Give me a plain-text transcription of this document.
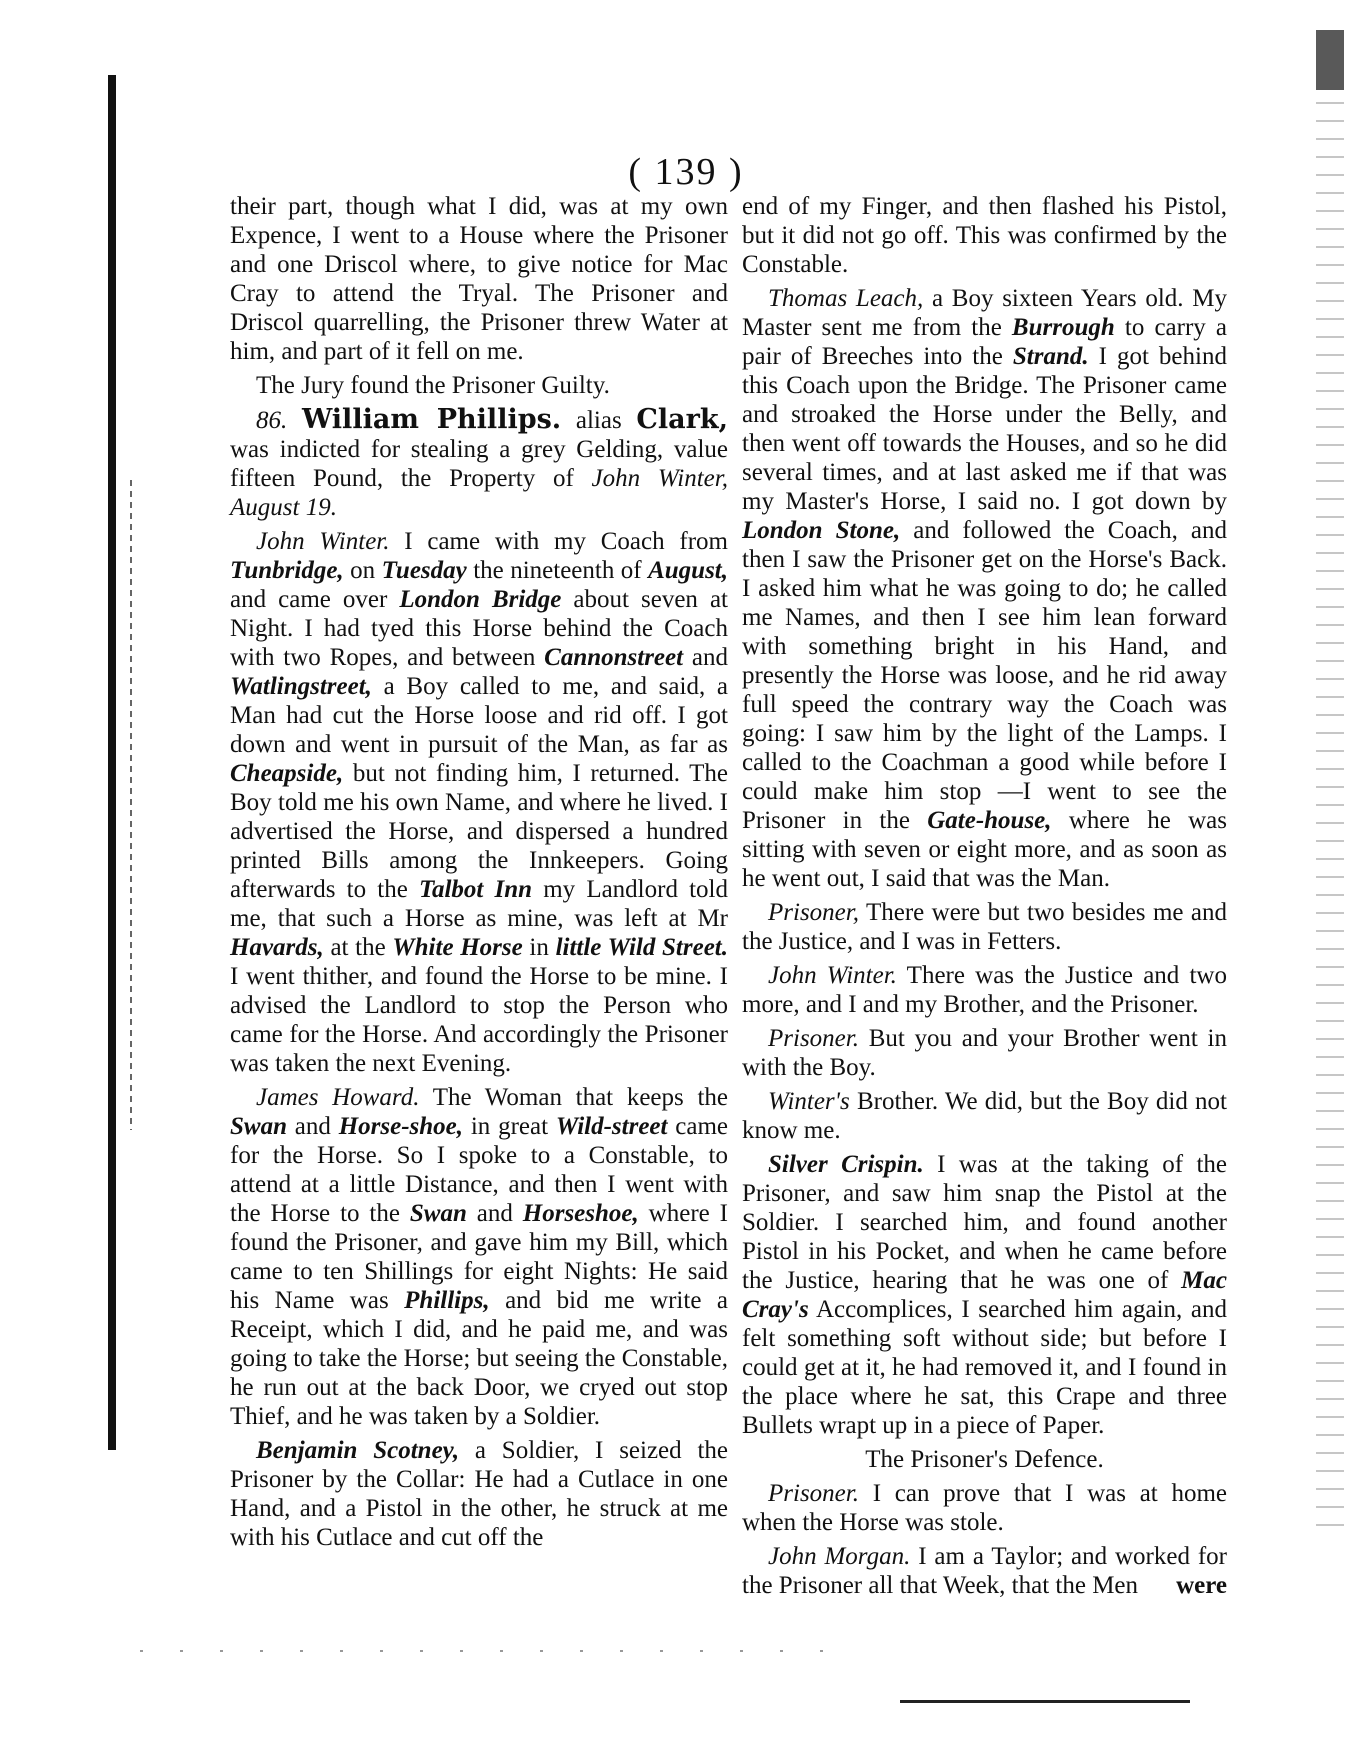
( 139 )

their part, though what I did, was at my own Expence, I went to a House where the Prisoner and one Driscol where, to give notice for Mac Cray to attend the Tryal. The Prisoner and Driscol quarrelling, the Prisoner threw Water at him, and part of it fell on me.

The Jury found the Prisoner Guilty.

86. William Phillips. alias Clark, was indicted for stealing a grey Gelding, value fifteen Pound, the Property of John Winter, August 19.

John Winter. I came with my Coach from Tunbridge, on Tuesday the nineteenth of August, and came over London Bridge about seven at Night. I had tyed this Horse behind the Coach with two Ropes, and between Cannonstreet and Watlingstreet, a Boy called to me, and said, a Man had cut the Horse loose and rid off. I got down and went in pursuit of the Man, as far as Cheapside, but not finding him, I returned. The Boy told me his own Name, and where he lived. I advertised the Horse, and dispersed a hundred printed Bills among the Innkeepers. Going afterwards to the Talbot Inn my Landlord told me, that such a Horse as mine, was left at Mr Havards, at the White Horse in little Wild Street. I went thither, and found the Horse to be mine. I advised the Landlord to stop the Person who came for the Horse. And accordingly the Prisoner was taken the next Evening.

James Howard. The Woman that keeps the Swan and Horse-shoe, in great Wild-street came for the Horse. So I spoke to a Constable, to attend at a little Distance, and then I went with the Horse to the Swan and Horseshoe, where I found the Prisoner, and gave him my Bill, which came to ten Shillings for eight Nights: He said his Name was Phillips, and bid me write a Receipt, which I did, and he paid me, and was going to take the Horse; but seeing the Constable, he run out at the back Door, we cryed out stop Thief, and he was taken by a Soldier.

Benjamin Scotney, a Soldier, I seized the Prisoner by the Collar: He had a Cutlace in one Hand, and a Pistol in the other, he struck at me with his Cutlace and cut off the

end of my Finger, and then flashed his Pistol, but it did not go off. This was confirmed by the Constable.

Thomas Leach, a Boy sixteen Years old. My Master sent me from the Burrough to carry a pair of Breeches into the Strand. I got behind this Coach upon the Bridge. The Prisoner came and stroaked the Horse under the Belly, and then went off towards the Houses, and so he did several times, and at last asked me if that was my Master's Horse, I said no. I got down by London Stone, and followed the Coach, and then I saw the Prisoner get on the Horse's Back. I asked him what he was going to do; he called me Names, and then I see him lean forward with something bright in his Hand, and presently the Horse was loose, and he rid away full speed the contrary way the Coach was going: I saw him by the light of the Lamps. I called to the Coachman a good while before I could make him stop —I went to see the Prisoner in the Gate-house, where he was sitting with seven or eight more, and as soon as he went out, I said that was the Man.

Prisoner, There were but two besides me and the Justice, and I was in Fetters.

John Winter. There was the Justice and two more, and I and my Brother, and the Prisoner.

Prisoner. But you and your Brother went in with the Boy.

Winter's Brother. We did, but the Boy did not know me.

Silver Crispin. I was at the taking of the Prisoner, and saw him snap the Pistol at the Soldier. I searched him, and found another Pistol in his Pocket, and when he came before the Justice, hearing that he was one of Mac Cray's Accomplices, I searched him again, and felt something soft without side; but before I could get at it, he had removed it, and I found in the place where he sat, this Crape and three Bullets wrapt up in a piece of Paper.

The Prisoner's Defence.

Prisoner. I can prove that I was at home when the Horse was stole.

John Morgan. I am a Taylor; and worked for the Prisoner all that Week, that the Men	were
